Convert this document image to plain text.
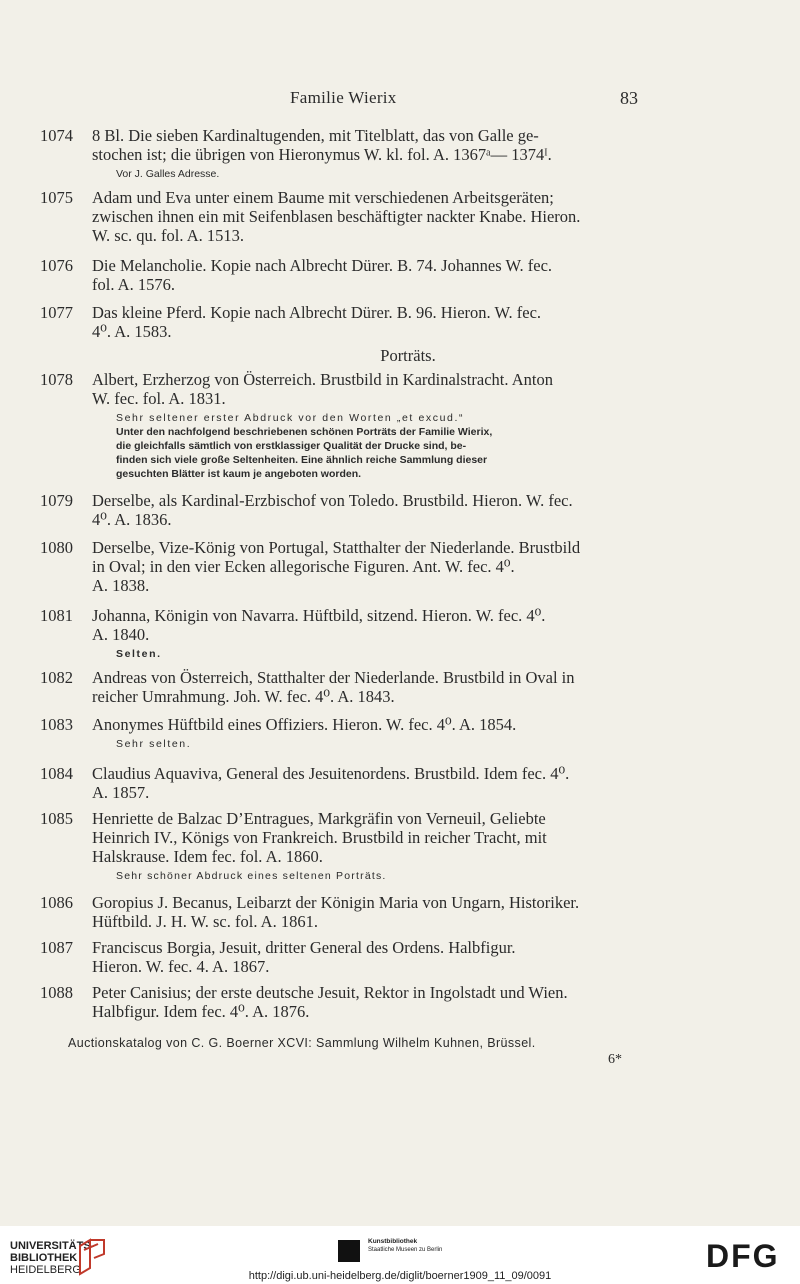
Familie Wierix	83
1074	8 Bl. Die sieben Kardinaltugenden, mit Titelblatt, das von Galle ge-
stochen ist; die übrigen von Hieronymus W. kl. fol. A. 1367ᵃ— 1374ᴵ.
Vor J. Galles Adresse.
1075	Adam und Eva unter einem Baume mit verschiedenen Arbeitsgeräten;
zwischen ihnen ein mit Seifenblasen beschäftigter nackter Knabe. Hieron.
W. sc. qu. fol. A. 1513.
1076	Die Melancholie. Kopie nach Albrecht Dürer. B. 74. Johannes W. fec.
fol. A. 1576.
1077	Das kleine Pferd. Kopie nach Albrecht Dürer. B. 96. Hieron. W. fec.
4⁰. A. 1583.
Porträts.
1078	Albert, Erzherzog von Österreich. Brustbild in Kardinalstracht. Anton
W. fec. fol. A. 1831.
Sehr seltener erster Abdruck vor den Worten „et excud.“
Unter den nachfolgend beschriebenen schönen Porträts der Familie Wierix,
die gleichfalls sämtlich von erstklassiger Qualität der Drucke sind, be-
finden sich viele große Seltenheiten. Eine ähnlich reiche Sammlung dieser
gesuchten Blätter ist kaum je angeboten worden.
1079	Derselbe, als Kardinal-Erzbischof von Toledo. Brustbild. Hieron. W. fec.
4⁰. A. 1836.
1080	Derselbe, Vize-König von Portugal, Statthalter der Niederlande. Brustbild
in Oval; in den vier Ecken allegorische Figuren. Ant. W. fec. 4⁰.
A. 1838.
1081	Johanna, Königin von Navarra. Hüftbild, sitzend. Hieron. W. fec. 4⁰.
A. 1840.
Selten.
1082	Andreas von Österreich, Statthalter der Niederlande. Brustbild in Oval in
reicher Umrahmung. Joh. W. fec. 4⁰. A. 1843.
1083	Anonymes Hüftbild eines Offiziers. Hieron. W. fec. 4⁰. A. 1854.
Sehr selten.
1084	Claudius Aquaviva, General des Jesuitenordens. Brustbild. Idem fec. 4⁰.
A. 1857.
1085	Henriette de Balzac D’Entragues, Markgräfin von Verneuil, Geliebte
Heinrich IV., Königs von Frankreich. Brustbild in reicher Tracht, mit
Halskrause. Idem fec. fol. A. 1860.
Sehr schöner Abdruck eines seltenen Porträts.
1086	Goropius J. Becanus, Leibarzt der Königin Maria von Ungarn, Historiker.
Hüftbild. J. H. W. sc. fol. A. 1861.
1087	Franciscus Borgia, Jesuit, dritter General des Ordens. Halbfigur.
Hieron. W. fec. 4. A. 1867.
1088	Peter Canisius; der erste deutsche Jesuit, Rektor in Ingolstadt und Wien.
Halbfigur. Idem fec. 4⁰. A. 1876.
Auctionskatalog von C. G. Boerner XCVI: Sammlung Wilhelm Kuhnen, Brüssel.
6*
UNIVERSITÄTS-
BIBLIOTHEK
HEIDELBERG
Kunstbibliothek
Staatliche Museen zu Berlin	DFG
http://digi.ub.uni-heidelberg.de/diglit/boerner1909_11_09/0091
